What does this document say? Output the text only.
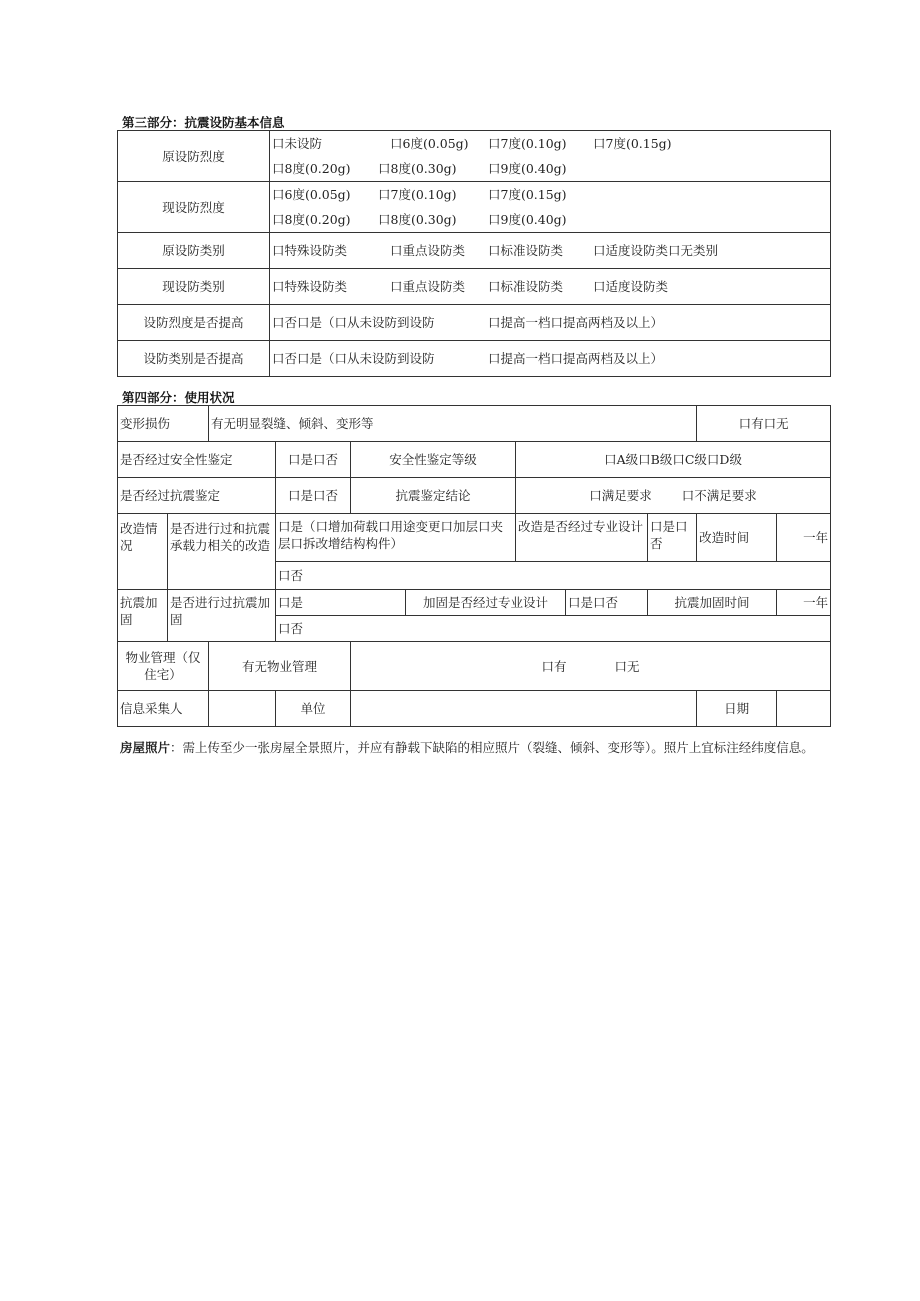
第三部分：抗震设防基本信息
原设防烈度	口未设防 口6度(0.05g) 口7度(0.10g) 口7度(0.15g)
口8度(0.20g) 口8度(0.30g) 口9度(0.40g)

现设防烈度	口6度(0.05g) 口7度(0.10g) 口7度(0.15g)
口8度(0.20g) 口8度(0.30g) 口9度(0.40g)

原设防类别	口特殊设防类 口重点设防类 口标准设防类 口适度设防类口无类别
现设防类别	口特殊设防类 口重点设防类 口标准设防类 口适度设防类
设防烈度是否提高	口否口是（口从未设防到设防 口提高一档口提高两档及以上）
设防类别是否提高	口否口是（口从未设防到设防 口提高一档口提高两档及以上）
第四部分：使用状况
变形损伤		有无明显裂缝、倾斜、变形等							口有口无	
是否经过安全性鉴定			口是口否	安全性鉴定等级		口A级口B级口C级口D级				
是否经过抗震鉴定			口是口否	抗震鉴定结论		口满足要求 口不满足要求				
改造情况	是否进行过和抗震承载力相关的改造		口是（口增加荷载口用途变更口加层口夹层口拆改增结构构件）			改造是否经过专业设计		口是口否	改造时间	一年
			口否							
抗震加固	是否进行过抗震加固		口是		加固是否经过专业设计		口是口否	抗震加固时间		一年
			口否							
物业管理（仅住宅）		有无物业管理		口有 口无						
信息采集人			单位						日期	
房屋照片：需上传至少一张房屋全景照片，并应有静载下缺陷的相应照片（裂缝、倾斜、变形等）。照片上宜标注经纬度信息。
